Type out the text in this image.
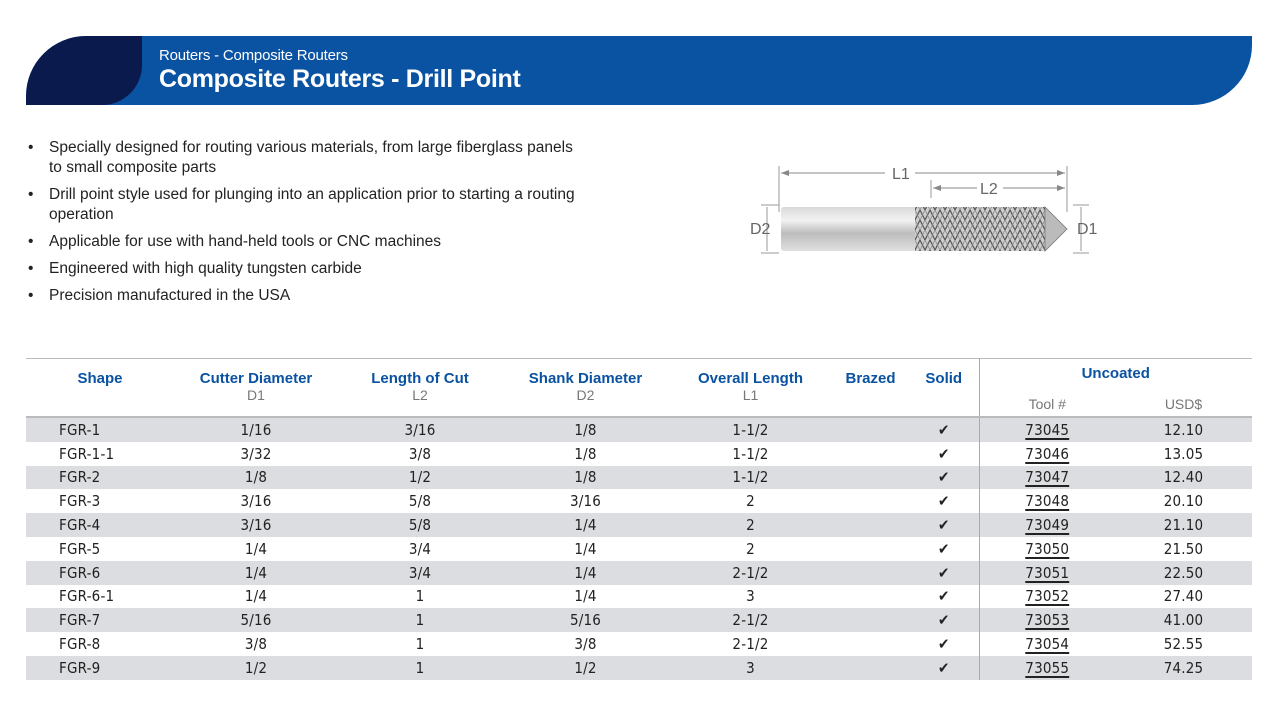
Routers - Composite Routers
Composite Routers - Drill Point
• Specially designed for routing various materials, from large fiberglass panels to small composite parts
• Drill point style used for plunging into an application prior to starting a routing operation
• Applicable for use with hand-held tools or CNC machines
• Engineered with high quality tungsten carbide
• Precision manufactured in the USA
L1
L2
D2	D1
Shape	Cutter Diameter	Length of Cut	Shank Diameter	Overall Length	Brazed	Solid	Uncoated	
	D1	L2	D2	L1			Tool #	USD$
FGR-1	1/16	3/16	1/8	1-1/2		✔	73045	12.10
FGR-1-1	3/32	3/8	1/8	1-1/2		✔	73046	13.05
FGR-2	1/8	1/2	1/8	1-1/2		✔	73047	12.40
FGR-3	3/16	5/8	3/16	2		✔	73048	20.10
FGR-4	3/16	5/8	1/4	2		✔	73049	21.10
FGR-5	1/4	3/4	1/4	2		✔	73050	21.50
FGR-6	1/4	3/4	1/4	2-1/2		✔	73051	22.50
FGR-6-1	1/4	1	1/4	3		✔	73052	27.40
FGR-7	5/16	1	5/16	2-1/2		✔	73053	41.00
FGR-8	3/8	1	3/8	2-1/2		✔	73054	52.55
FGR-9	1/2	1	1/2	3		✔	73055	74.25
